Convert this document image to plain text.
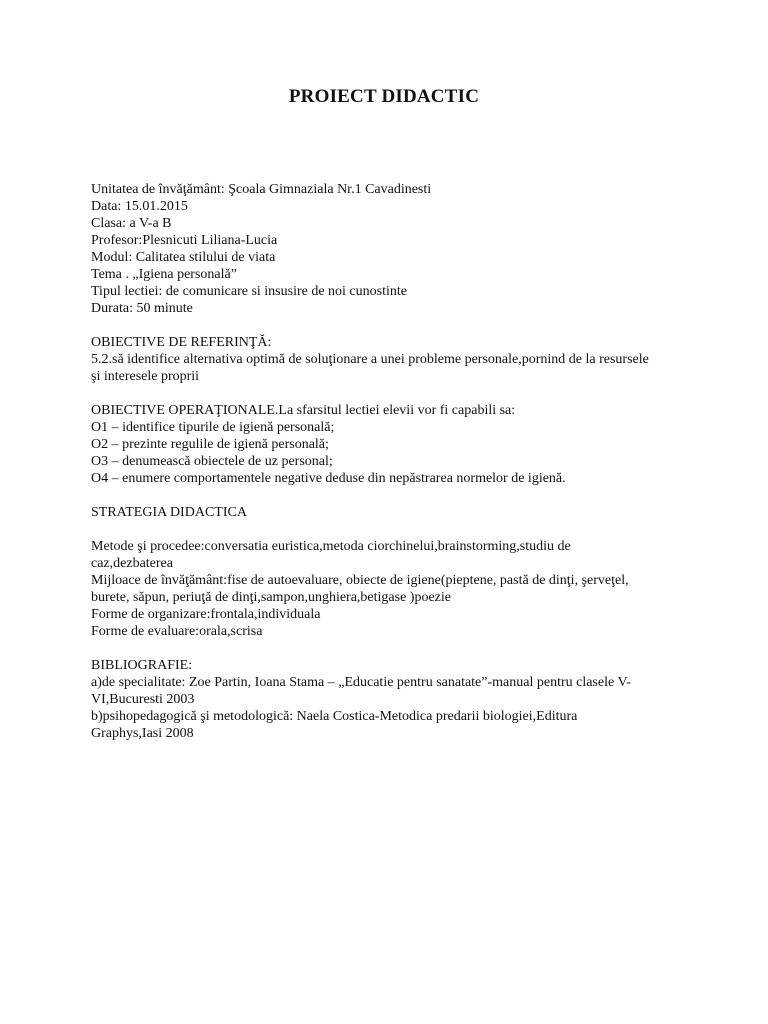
PROIECT DIDACTIC
Unitatea de învăţământ: Şcoala Gimnaziala Nr.1 Cavadinesti
Data: 15.01.2015
Clasa: a V-a B
Profesor:Plesnicuti Liliana-Lucia
Modul: Calitatea stilului de viata
Tema . „Igiena personală”
Tipul lectiei: de comunicare si insusire de noi cunostinte
Durata: 50 minute
OBIECTIVE DE REFERINŢĂ:
5.2.să identifice alternativa optimă de soluţionare a unei probleme personale,pornind de la resursele
şi interesele proprii
OBIECTIVE OPERAŢIONALE.La sfarsitul lectiei elevii vor fi capabili sa:
O1 – identifice tipurile de igienă personală;
O2 – prezinte regulile de igienă personală;
O3 – denumească obiectele de uz personal;
O4 – enumere comportamentele negative deduse din nepăstrarea normelor de igienă.
STRATEGIA DIDACTICA
Metode şi procedee:conversatia euristica,metoda ciorchinelui,brainstorming,studiu de
caz,dezbaterea
Mijloace de învăţământ:fise de autoevaluare, obiecte de igiene(pieptene, pastă de dinţi, şerveţel,
burete, săpun, periuţă de dinţi,sampon,unghiera,betigase )poezie
Forme de organizare:frontala,individuala
Forme de evaluare:orala,scrisa
BIBLIOGRAFIE:
a)de specialitate: Zoe Partin, Ioana Stama – „Educatie pentru sanatate”-manual pentru clasele V-
VI,Bucuresti 2003
b)psihopedagogică şi metodologică: Naela Costica-Metodica predarii biologiei,Editura
Graphys,Iasi 2008
